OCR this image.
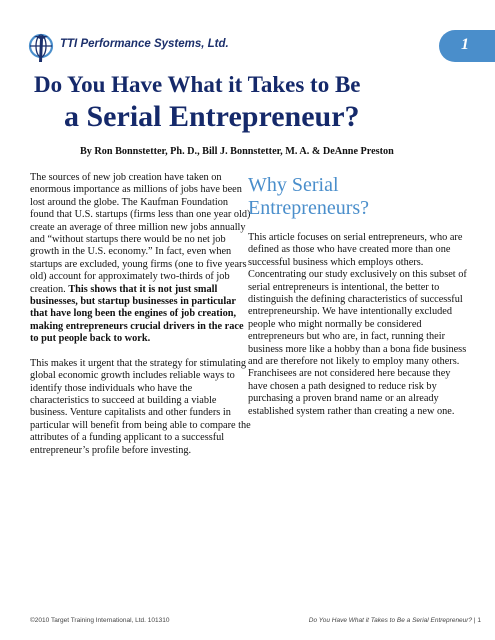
TTI Performance Systems, Ltd.	1
Do You Have What it Takes to Be
a Serial Entrepreneur?
By Ron Bonnstetter, Ph. D., Bill J. Bonnstetter, M. A. & DeAnne Preston

The sources of new job creation have taken on enormous importance as millions of jobs have been lost around the globe. The Kaufman Foundation found that U.S. startups (firms less than one year old) create an average of three million new jobs annually and “without startups there would be no net job growth in the U.S. economy.” In fact, even when startups are excluded, young firms (one to five years old) account for approximately two-thirds of job creation. This shows that it is not just small businesses, but startup businesses in particular that have long been the engines of job creation, making entrepreneurs crucial drivers in the race to put people back to work.

This makes it urgent that the strategy for stimulating global economic growth includes reliable ways to identify those individuals who have the characteristics to succeed at building a viable business. Venture capitalists and other funders in particular will benefit from being able to compare the attributes of a funding applicant to a successful entrepreneur’s profile before investing.

Why Serial
Entrepreneurs?

This article focuses on serial entrepreneurs, who are defined as those who have created more than one successful business which employs others. Concentrating our study exclusively on this subset of serial entrepreneurs is intentional, the better to distinguish the defining characteristics of successful entrepreneurship. We have intentionally excluded people who might normally be considered entrepreneurs but who are, in fact, running their business more like a hobby than a bona fide business and are therefore not likely to employ many others. Franchisees are not considered here because they have chosen a path designed to reduce risk by purchasing a proven brand name or an already established system rather than creating a new one.

©2010 Target Training International, Ltd. 101310	Do You Have What it Takes to Be a Serial Entrepreneur? | 1
